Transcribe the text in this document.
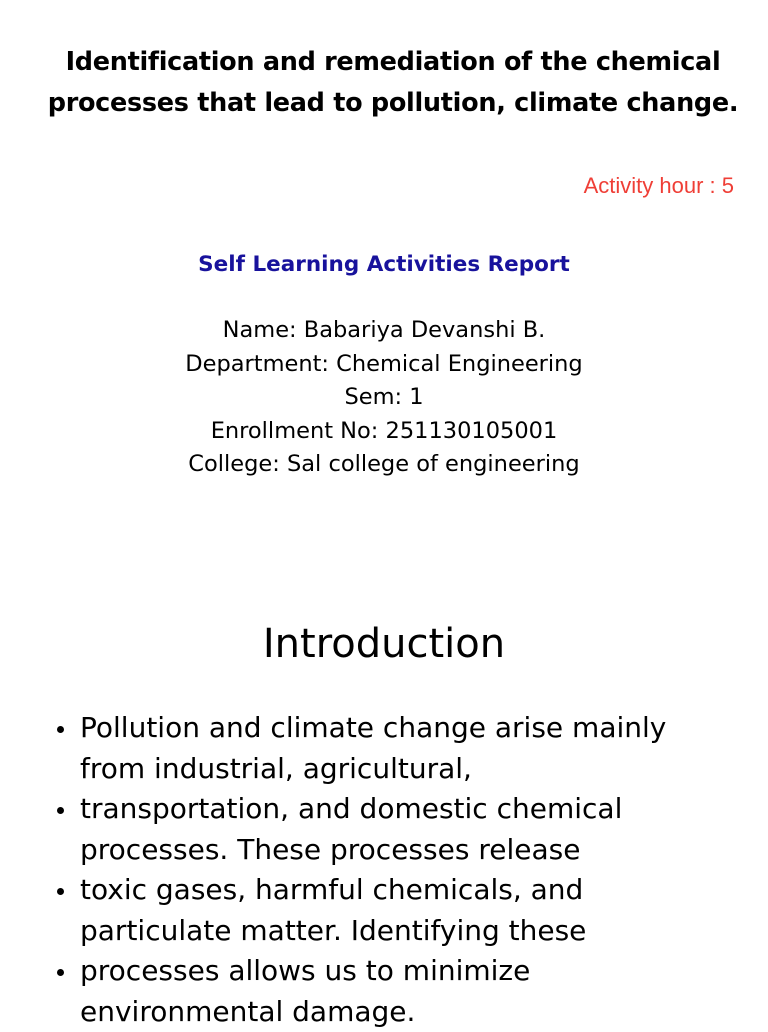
Identification and remediation of the chemical processes that lead to pollution, climate change.
Activity hour : 5
Self Learning Activities Report
Name: Babariya Devanshi B.
Department: Chemical Engineering
Sem: 1
Enrollment No: 251130105001
College: Sal college of engineering
Introduction
Pollution and climate change arise mainly from industrial, agricultural,
transportation, and domestic chemical processes. These processes release
toxic gases, harmful chemicals, and particulate matter. Identifying these
processes allows us to minimize environmental damage.
